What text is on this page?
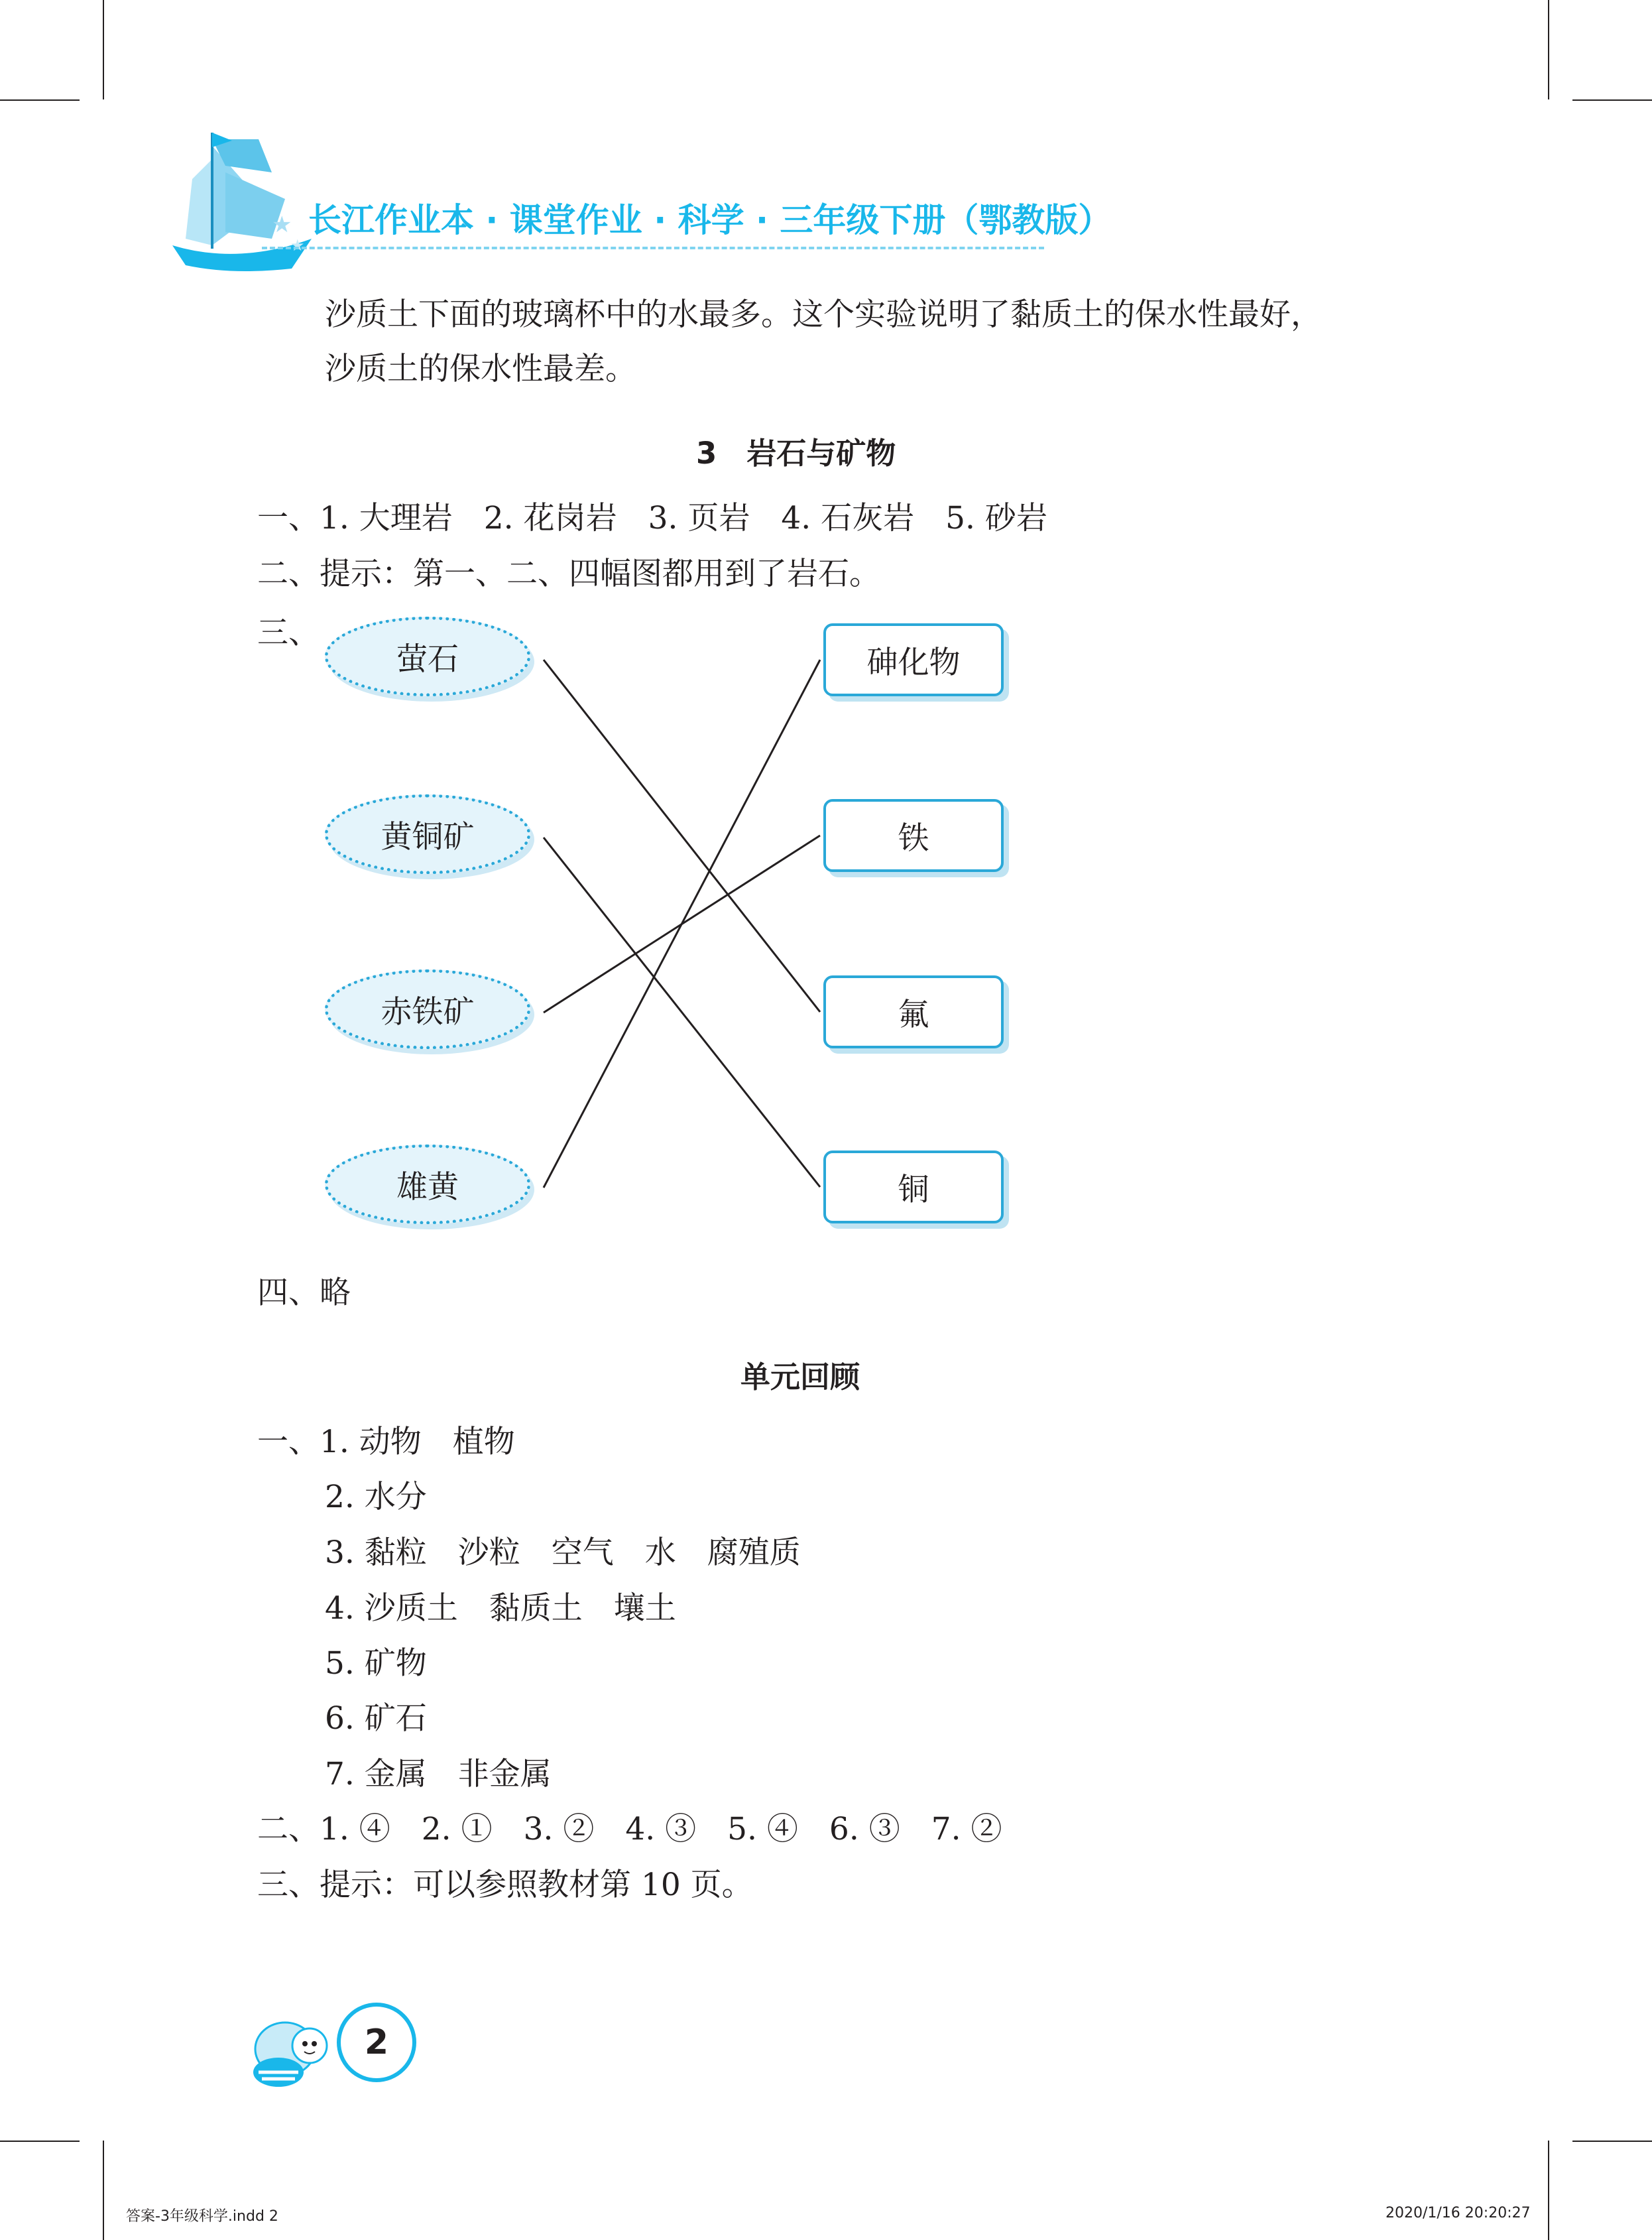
★
★
长江作业本 · 课堂作业 · 科学 · 三年级下册（鄂教版）
沙质土下面的玻璃杯中的水最多。这个实验说明了黏质土的保水性最好，
沙质土的保水性最差。
3　岩石与矿物
一、1. 大理岩　2. 花岗岩　3. 页岩　4. 石灰岩　5. 砂岩
二、提示：第一、二、四幅图都用到了岩石。
三、
萤石
黄铜矿
赤铁矿
雄黄
砷化物
铁
氟
铜
四、略
单元回顾
一、1. 动物　植物
2. 水分
3. 黏粒　沙粒　空气　水　腐殖质
4. 沙质土　黏质土　壤土
5. 矿物
6. 矿石
7. 金属　非金属
二、1. ④　2. ①　3. ②　4. ③　5. ④　6. ③　7. ②
三、提示：可以参照教材第 10 页。
2
答案-3年级科学.indd 2	2020/1/16 20:20:27
